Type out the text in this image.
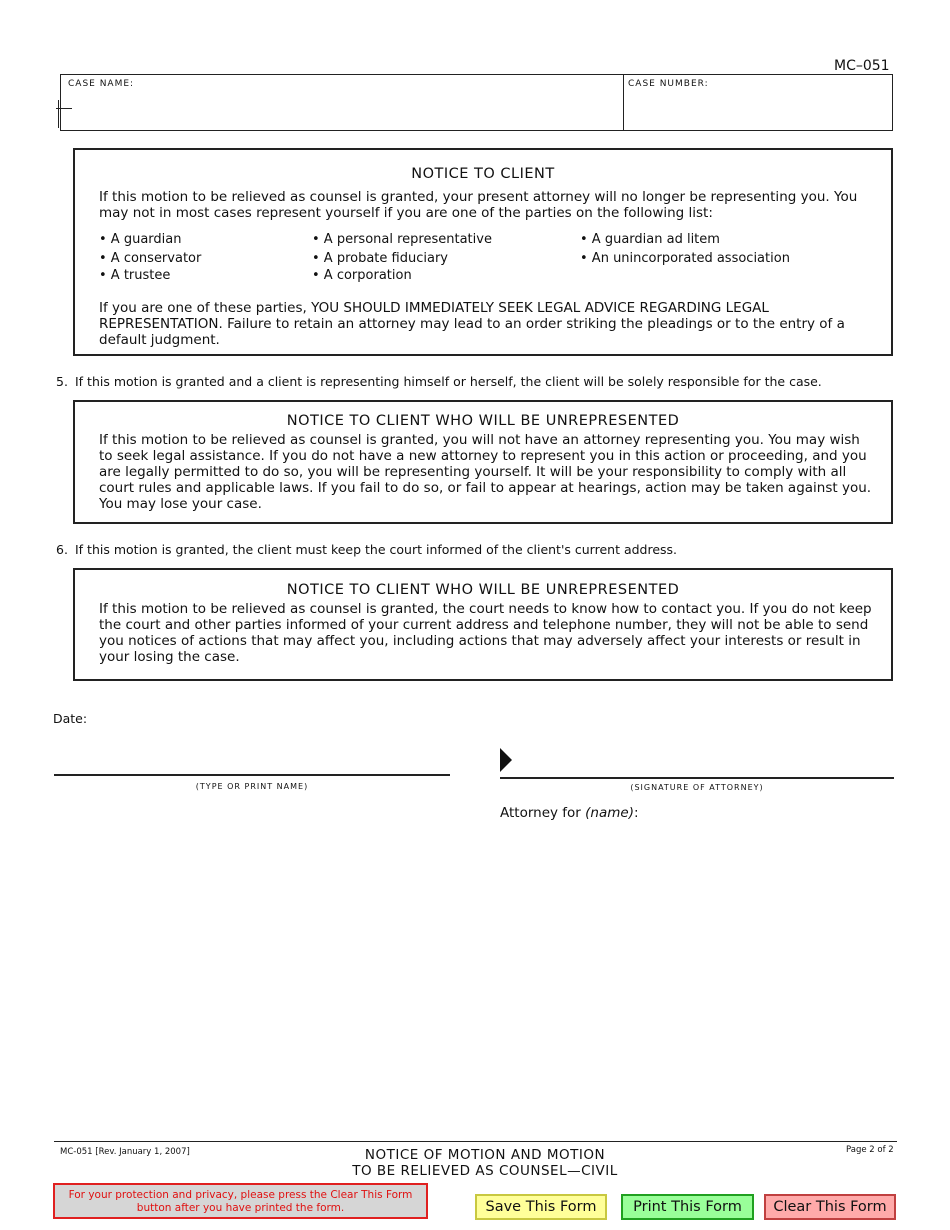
MC–051
CASE NAME:	CASE NUMBER:
NOTICE TO CLIENT
If this motion to be relieved as counsel is granted, your present attorney will no longer be representing you. You may not in most cases represent yourself if you are one of the parties on the following list:
• A guardian
• A conservator
• A trustee
• A personal representative
• A probate fiduciary
• A corporation
• A guardian ad litem
• An unincorporated association
If you are one of these parties, YOU SHOULD IMMEDIATELY SEEK LEGAL ADVICE REGARDING LEGAL REPRESENTATION. Failure to retain an attorney may lead to an order striking the pleadings or to the entry of a default judgment.
5. If this motion is granted and a client is representing himself or herself, the client will be solely responsible for the case.
NOTICE TO CLIENT WHO WILL BE UNREPRESENTED
If this motion to be relieved as counsel is granted, you will not have an attorney representing you. You may wish to seek legal assistance. If you do not have a new attorney to represent you in this action or proceeding, and you are legally permitted to do so, you will be representing yourself. It will be your responsibility to comply with all court rules and applicable laws. If you fail to do so, or fail to appear at hearings, action may be taken against you. You may lose your case.
6. If this motion is granted, the client must keep the court informed of the client's current address.
NOTICE TO CLIENT WHO WILL BE UNREPRESENTED
If this motion to be relieved as counsel is granted, the court needs to know how to contact you. If you do not keep the court and other parties informed of your current address and telephone number, they will not be able to send you notices of actions that may affect you, including actions that may adversely affect your interests or result in your losing the case.
Date:
(TYPE OR PRINT NAME)	(SIGNATURE OF ATTORNEY)
Attorney for (name):
MC-051 [Rev. January 1, 2007]	Page 2 of 2
NOTICE OF MOTION AND MOTION
TO BE RELIEVED AS COUNSEL—CIVIL
For your protection and privacy, please press the Clear This Form button after you have printed the form.	Save This Form	Print This Form	Clear This Form
